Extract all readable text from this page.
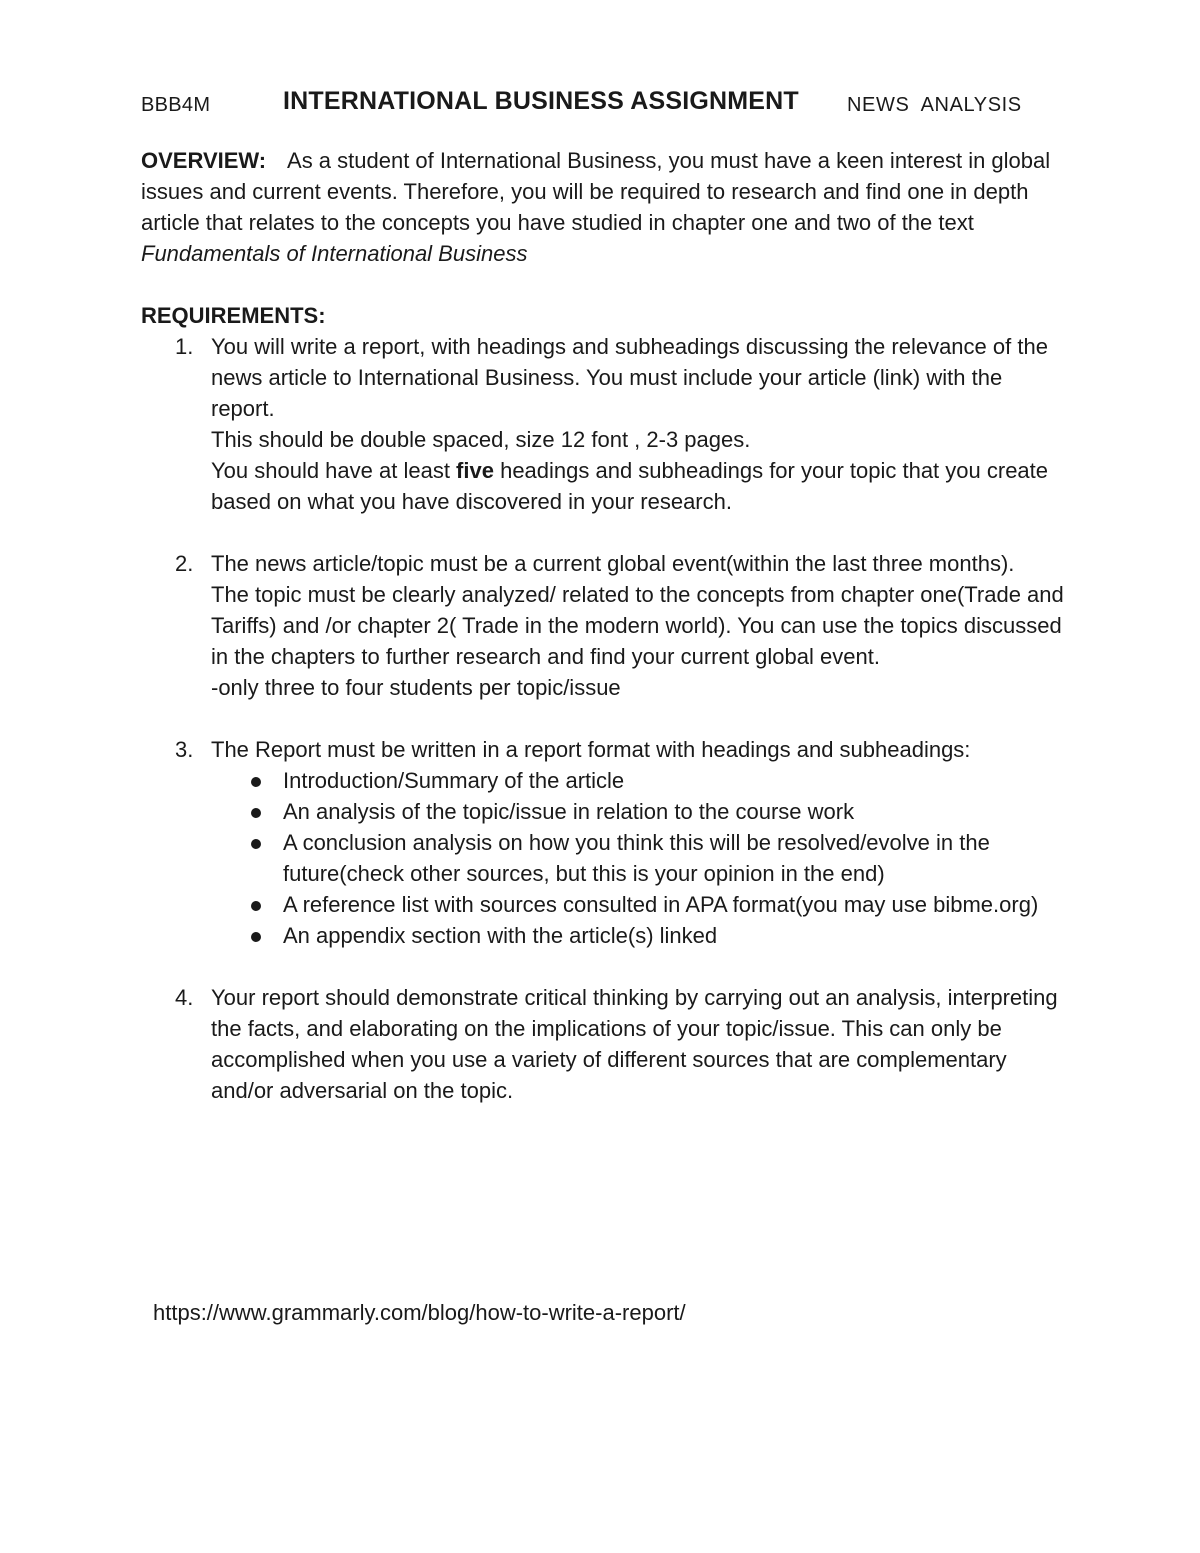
BBB4M	INTERNATIONAL BUSINESS ASSIGNMENT NEWS  ANALYSIS

OVERVIEW: As a student of International Business, you must have a keen interest in global issues and current events. Therefore, you will be required to research and find one in depth article that relates to the concepts you have studied in chapter one and two of the text Fundamentals of International Business

REQUIREMENTS:

1. You will write a report, with headings and subheadings discussing the relevance of the news article to International Business. You must include your article (link) with the report.
This should be double spaced, size 12 font , 2-3 pages.
You should have at least five headings and subheadings for your topic that you create based on what you have discovered in your research.
2. The news article/topic must be a current global event(within the last three months).
The topic must be clearly analyzed/ related to the concepts from chapter one(Trade and Tariffs) and /or chapter 2( Trade in the modern world). You can use the topics discussed in the chapters to further research and find your current global event.
-only three to four students per topic/issue
3. The Report must be written in a report format with headings and subheadings:
Introduction/Summary of the article
An analysis of the topic/issue in relation to the course work
A conclusion analysis on how you think this will be resolved/evolve in the future(check other sources, but this is your opinion in the end)
A reference list with sources consulted in APA format(you may use bibme.org)
An appendix section with the article(s) linked
4. Your report should demonstrate critical thinking by carrying out an analysis, interpreting the facts, and elaborating on the implications of your topic/issue. This can only be accomplished when you use a variety of different sources that are complementary and/or adversarial on the topic.
https://www.grammarly.com/blog/how-to-write-a-report/
